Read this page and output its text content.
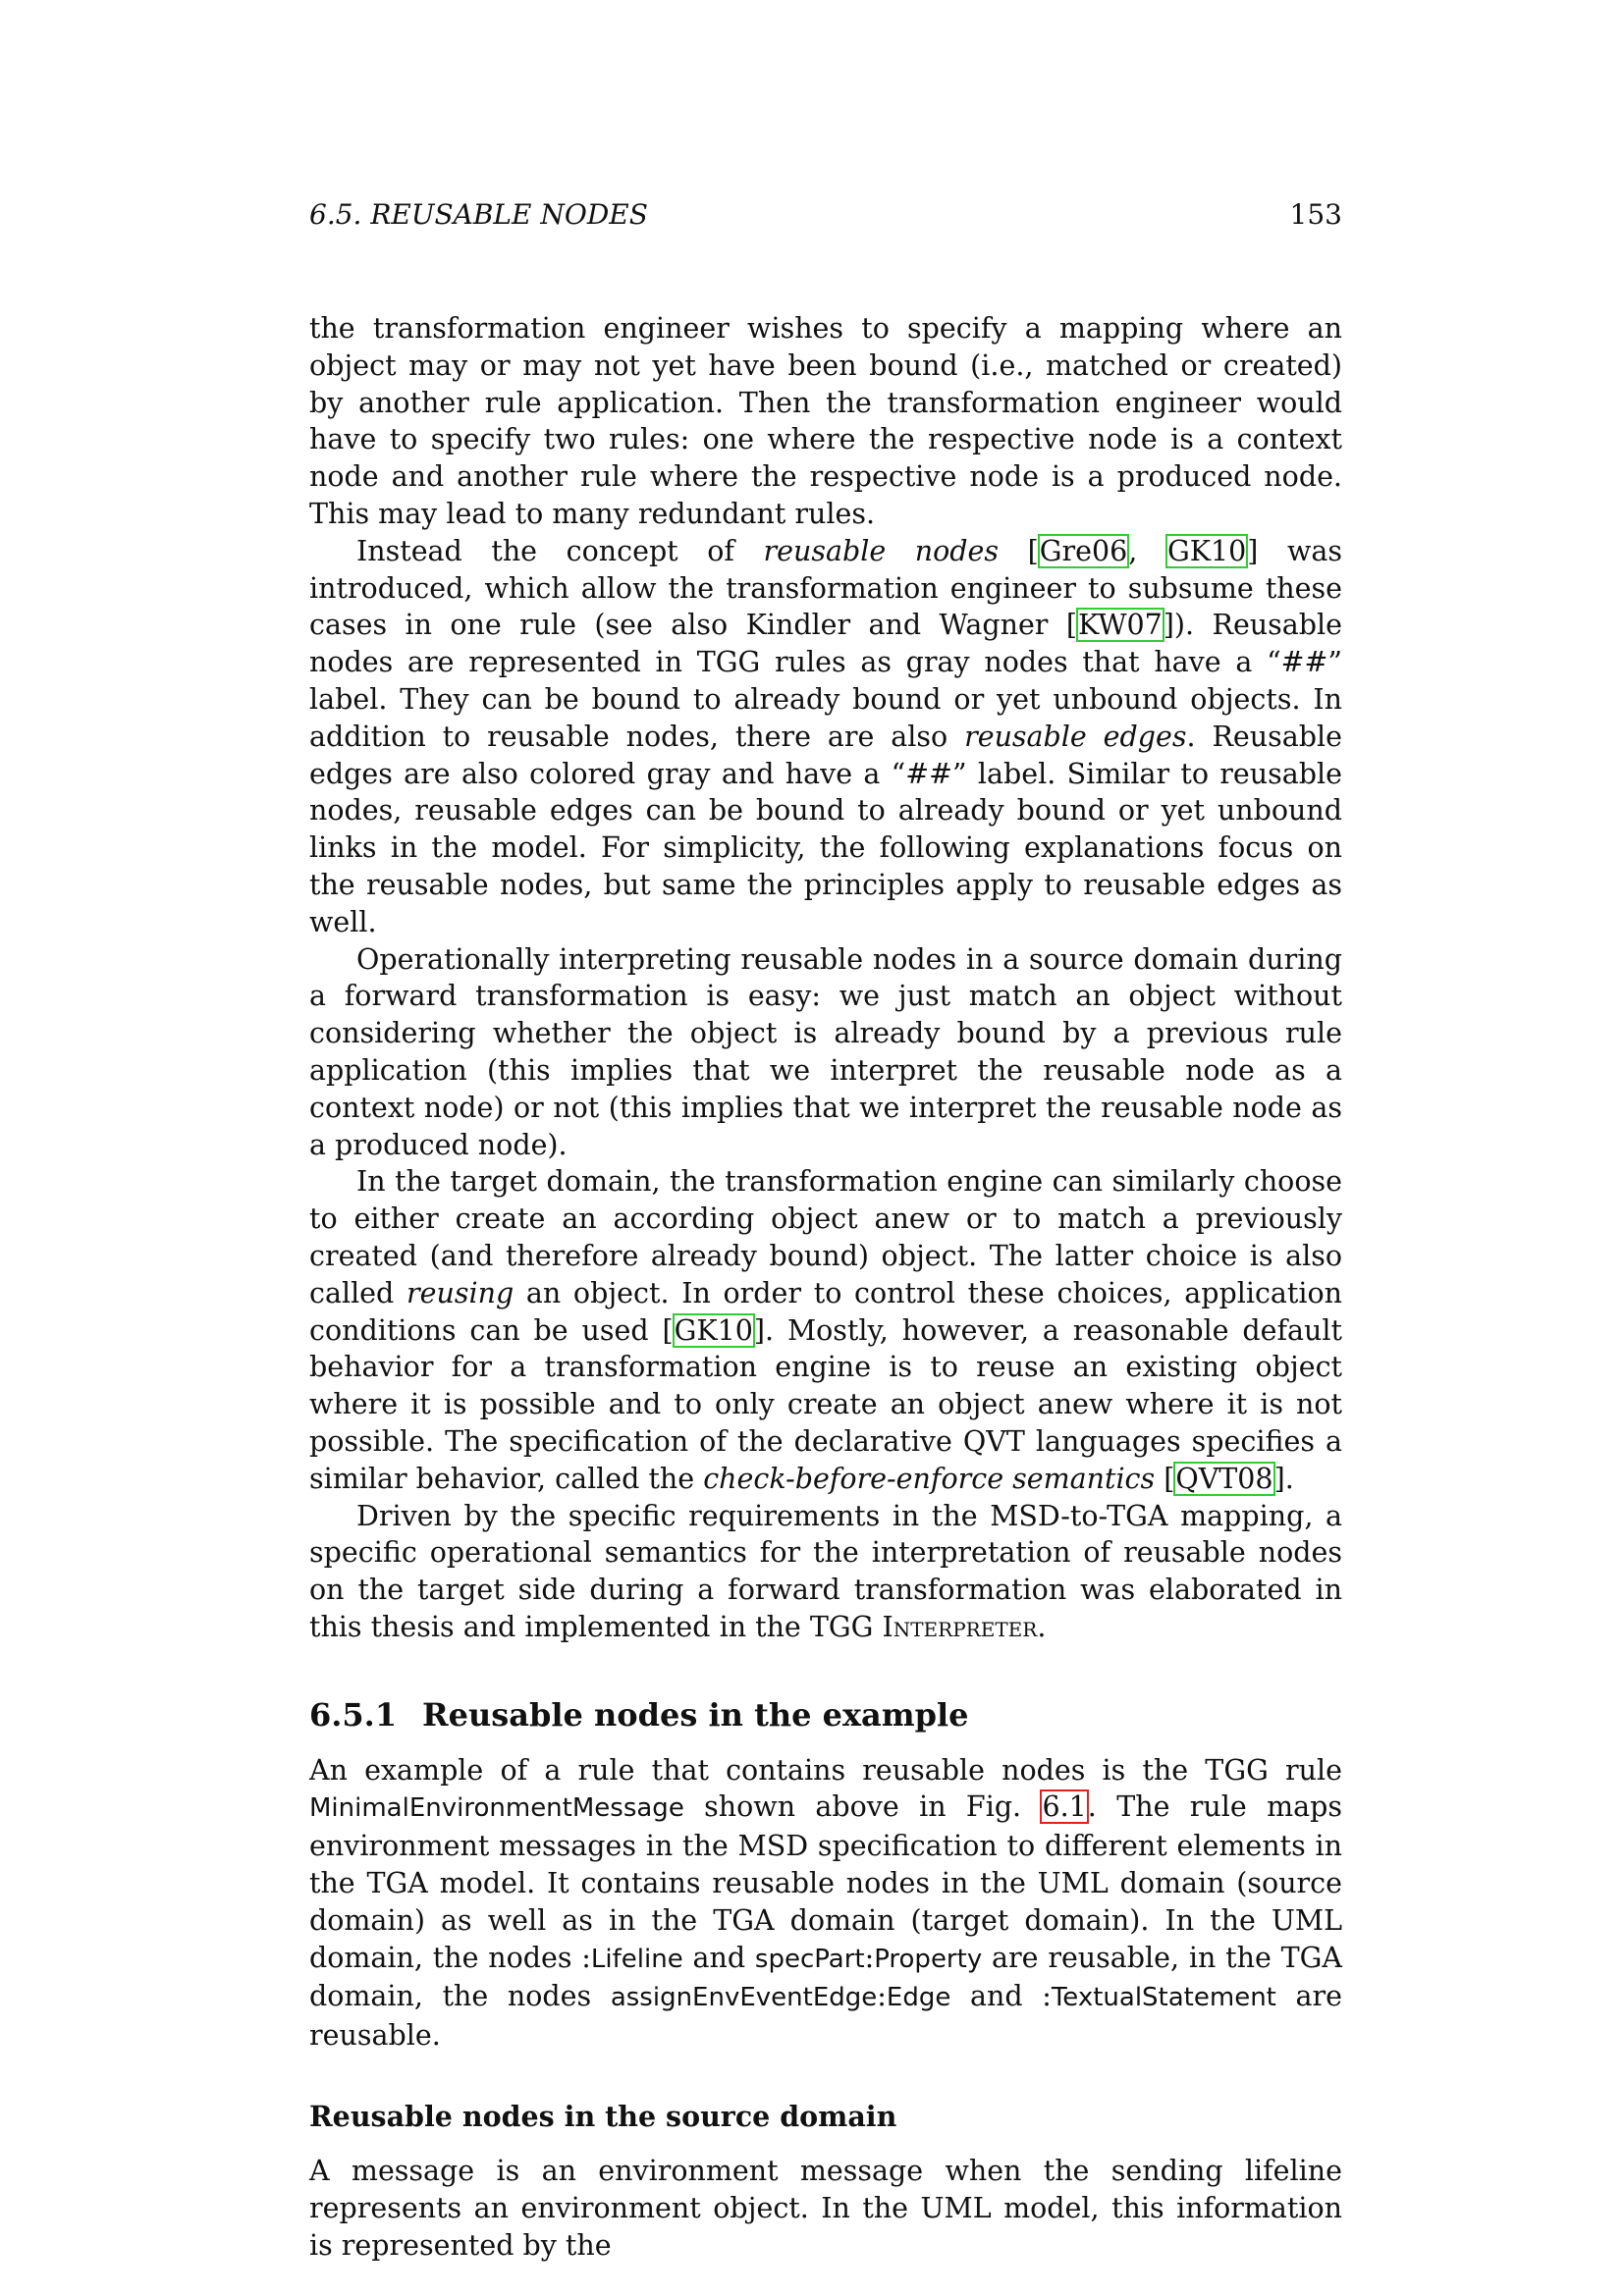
6.5. REUSABLE NODES	153

the transformation engineer wishes to specify a mapping where an object may or may not yet have been bound (i.e., matched or created) by another rule application. Then the transformation engineer would have to specify two rules: one where the respective node is a context node and another rule where the respective node is a produced node. This may lead to many redundant rules.

Instead the concept of reusable nodes [Gre06, GK10] was introduced, which allow the transformation engineer to subsume these cases in one rule (see also Kindler and Wagner [KW07]). Reusable nodes are represented in TGG rules as gray nodes that have a “##” label. They can be bound to already bound or yet unbound objects. In addition to reusable nodes, there are also reusable edges. Reusable edges are also colored gray and have a “##” label. Similar to reusable nodes, reusable edges can be bound to already bound or yet unbound links in the model. For simplicity, the following explanations focus on the reusable nodes, but same the principles apply to reusable edges as well.

Operationally interpreting reusable nodes in a source domain during a forward transformation is easy: we just match an object without considering whether the object is already bound by a previous rule application (this implies that we interpret the reusable node as a context node) or not (this implies that we interpret the reusable node as a produced node).

In the target domain, the transformation engine can similarly choose to either create an according object anew or to match a previously created (and therefore already bound) object. The latter choice is also called reusing an object. In order to control these choices, application conditions can be used [GK10]. Mostly, however, a reasonable default behavior for a transformation engine is to reuse an existing object where it is possible and to only create an object anew where it is not possible. The specification of the declarative QVT languages specifies a similar behavior, called the check-before-enforce semantics [QVT08].

Driven by the specific requirements in the MSD-to-TGA mapping, a specific operational semantics for the interpretation of reusable nodes on the target side during a forward transformation was elaborated in this thesis and implemented in the TGG Interpreter.

6.5.1 Reusable nodes in the example

An example of a rule that contains reusable nodes is the TGG rule MinimalEnvironmentMessage shown above in Fig. 6.1. The rule maps environment messages in the MSD specification to different elements in the TGA model. It contains reusable nodes in the UML domain (source domain) as well as in the TGA domain (target domain). In the UML domain, the nodes :Lifeline and specPart:Property are reusable, in the TGA domain, the nodes assignEnvEventEdge:Edge and :TextualStatement are reusable.

Reusable nodes in the source domain

A message is an environment message when the sending lifeline represents an environment object. In the UML model, this information is represented by the
